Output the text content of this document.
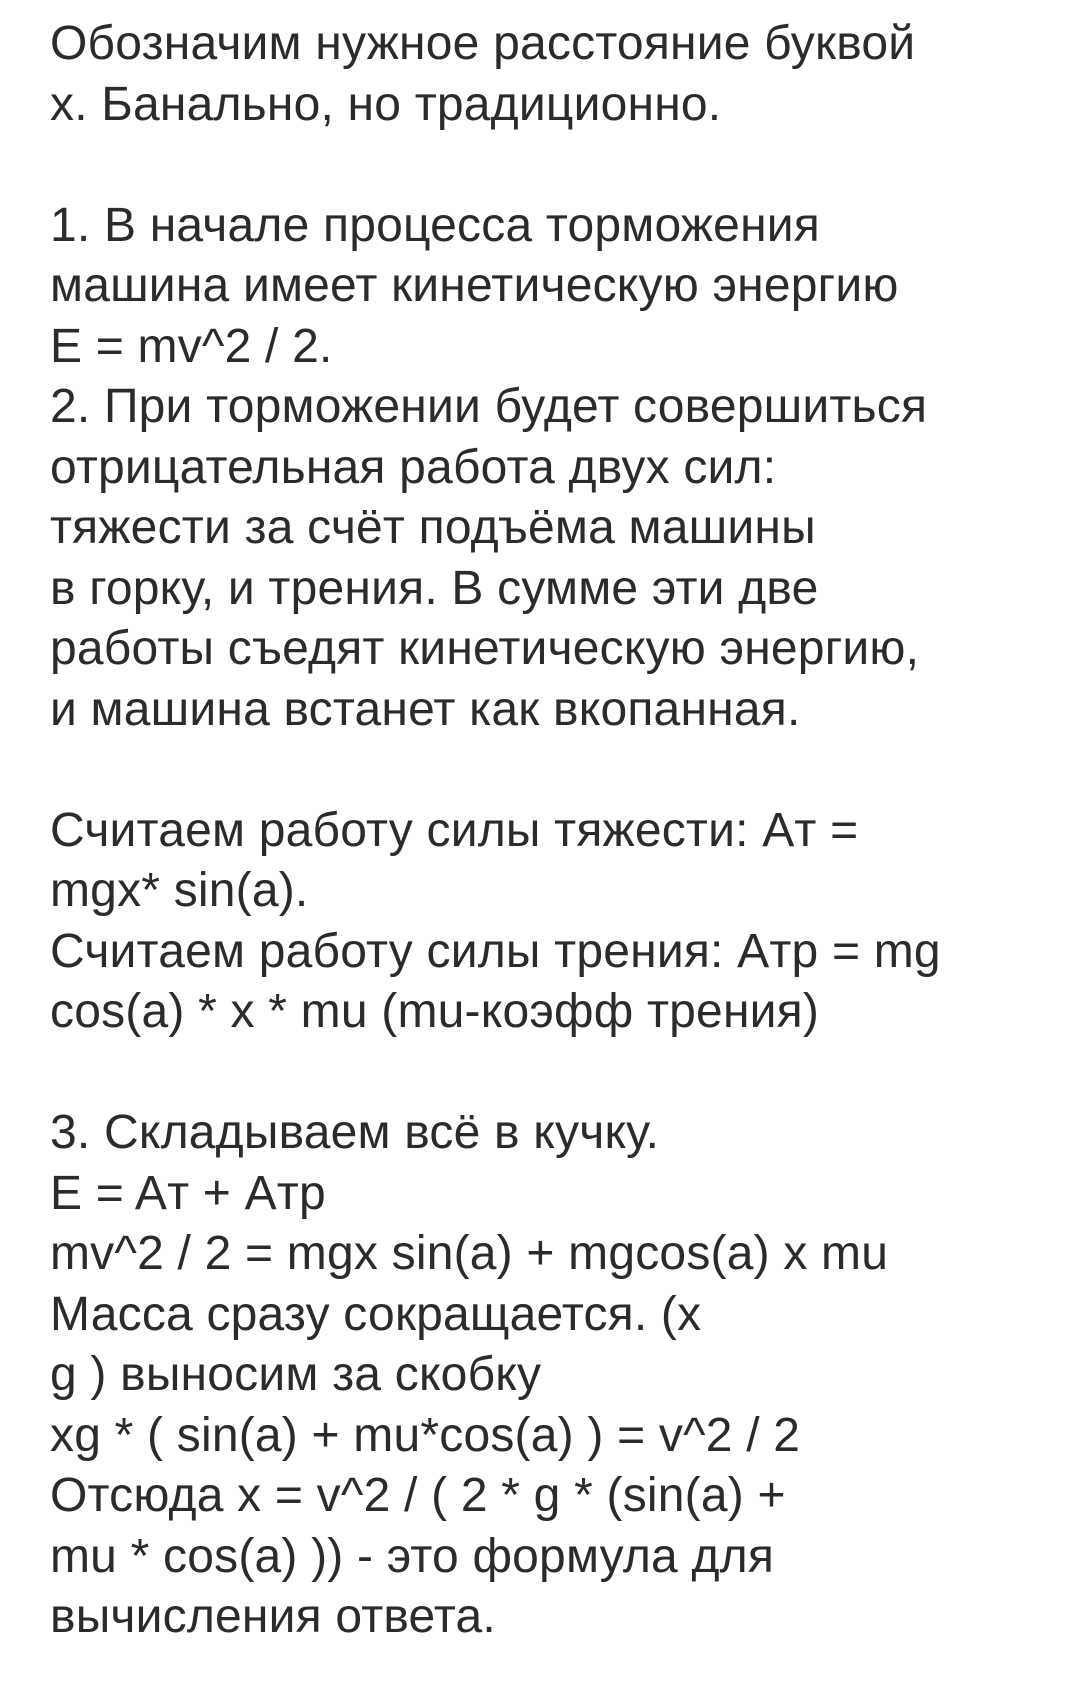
Обозначим нужное расстояние буквой
х. Банально, но традиционно.
1. В начале процесса торможения
машина имеет кинетическую энергию
E = mv^2 / 2.
2. При торможении будет совершиться
отрицательная работа двух сил:
тяжести за счёт подъёма машины
в горку, и трения. В сумме эти две
работы съедят кинетическую энергию,
и машина встанет как вкопанная.
Считаем работу силы тяжести: Aт =
mgx* sin(a).
Считаем работу силы трения: Aтр = mg
cos(a) * x * mu (mu-коэфф трения)
3. Складываем всё в кучку.
E = Aт + Aтр
mv^2 / 2 = mgx sin(a) + mgcos(a) x mu
Масса сразу сокращается. (x
g ) выносим за скобку
xg * ( sin(a) + mu*cos(a) ) = v^2 / 2
Отсюда x = v^2 / ( 2 * g * (sin(a) +
mu * cos(a) )) - это формула для
вычисления ответа.
